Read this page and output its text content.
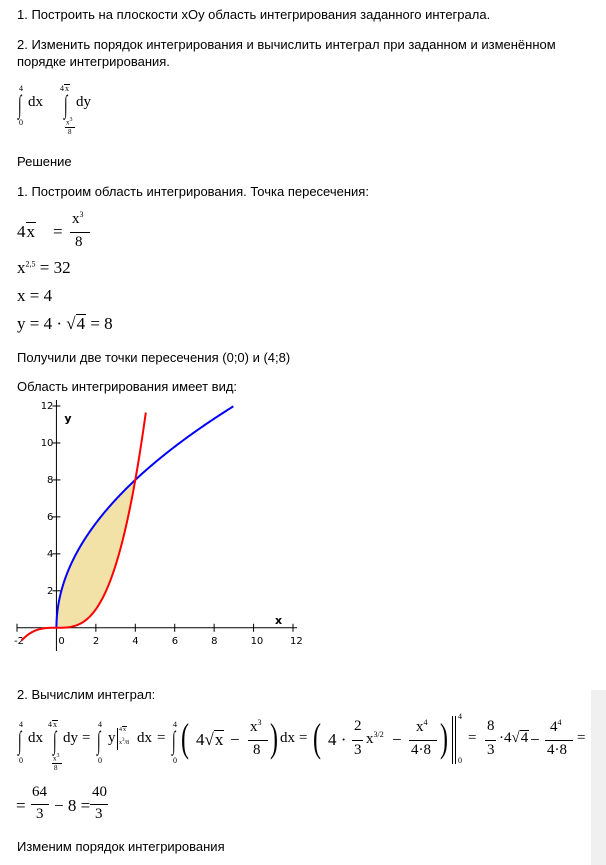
1. Построить на плоскости xOy область интегрирования заданного интеграла.
2. Изменить порядок интегрирования и вычислить интеграл при заданном и изменённом порядке интегрирования.
4
∫
0
dx
4x
∫
$x^3$
8
dy
Решение
1. Построим область интегрирования. Точка пересечения:
4x =
$x^3$
8
$x^{2,5} = 32$
x = 4
y = 4 · √4 = 8
Получили две точки пересечения (0;0) и (4;8)
Область интегрирования имеет вид:
-2	0	2	4	6	8	10	12
2
4
6
8
10
12
x
y
2. Вычислим интеграл:
4
∫
0
dx
4x
∫
$x^3$
8
dy =
4
∫
0
y 4x
$x^3/8$ dx =
4
∫
0
( 4√x −
$x^3$
8 ) dx = ( 4 ·
2
3
$x^{3/2}$ −
$x^4$
4·8 ) 4
0
=
8
3
·4√4 −
$4^4$
4·8
=
=
64
3 − 8 =
40
3
Изменим порядок интегрирования
